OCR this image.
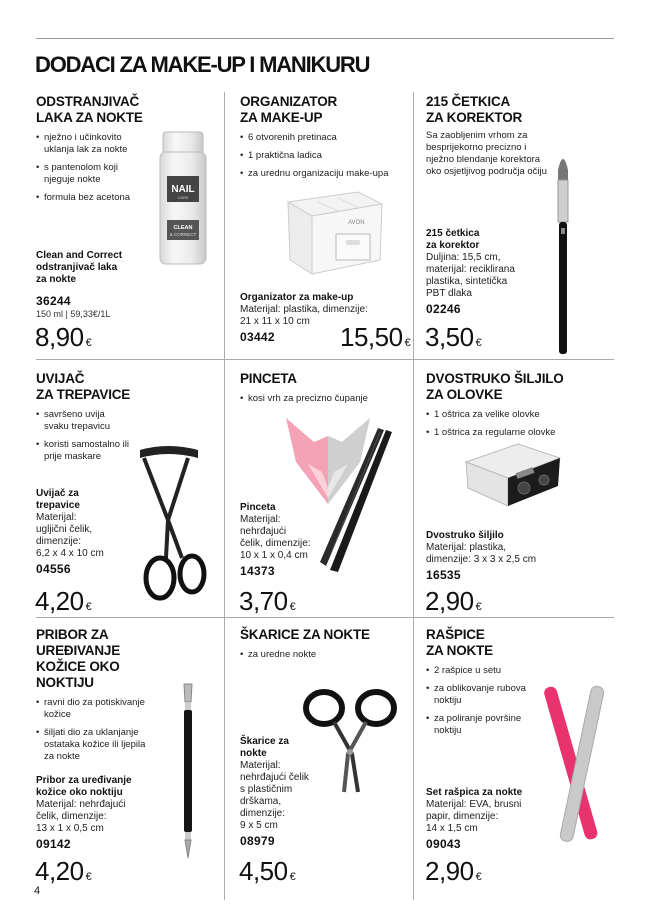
DODACI ZA MAKE-UP I MANIKURU
ODSTRANJIVAČ
LAKA ZA NOKTE
• nježno i učinkovito uklanja lak za nokte
• s pantenolom koji njeguje nokte
• formula bez acetona
NAIL
CARE
CLEAN
& CORRECT
Clean and Correct
odstranjivač laka
za nokte
36244
150 ml | 59,33€/1L
8,90 €
ORGANIZATOR
ZA MAKE-UP
• 6 otvorenih pretinaca
• 1 praktična ladica
• za urednu organizaciju make-upa
AVON
Organizator za make-up
Materijal: plastika, dimenzije:
21 x 11 x 10 cm
03442	15,50 €
215 ČETKICA
ZA KOREKTOR
Sa zaobljenim vrhom za besprijekorno precizno i nježno blendanje korektora oko osjetljivog područja očiju
215 četkica
za korektor
Duljina: 15,5 cm,
materijal: reciklirana
plastika, sintetička
PBT dlaka
02246
3,50 €
UVIJAČ
ZA TREPAVICE
• savršeno uvija svaku trepavicu
• koristi samostalno ili prije maskare
Uvijač za
trepavice
Materijal:
ugljični čelik,
dimenzije:
6,2 x 4 x 10 cm
04556
4,20 €
PINCETA
• kosi vrh za precizno čupanje
Pinceta
Materijal:
nehrđajući
čelik, dimenzije:
10 x 1 x 0,4 cm
14373
3,70 €
DVOSTRUKO ŠILJILO
ZA OLOVKE
• 1 oštrica za velike olovke
• 1 oštrica za regularne olovke
Dvostruko šiljilo
Materijal: plastika,
dimenzije: 3 x 3 x 2,5 cm
16535
2,90 €
PRIBOR ZA
UREĐIVANJE
KOŽICE OKO
NOKTIJU
• ravni dio za potiskivanje kožice
• šiljati dio za uklanjanje ostataka kožice ili ljepila za nokte
Pribor za uređivanje
kožice oko noktiju
Materijal: nehrđajući
čelik, dimenzije:
13 x 1 x 0,5 cm
09142
4,20 €
ŠKARICE ZA NOKTE
• za uredne nokte
Škarice za
nokte
Materijal:
nehrđajući čelik
s plastičnim
drškama,
dimenzije:
9 x 5 cm
08979
4,50 €
RAŠPICE
ZA NOKTE
• 2 rašpice u setu
• za oblikovanje rubova noktiju
• za poliranje površine noktiju
Set rašpica za nokte
Materijal: EVA, brusni
papir, dimenzije:
14 x 1,5 cm
09043
2,90 €
4
